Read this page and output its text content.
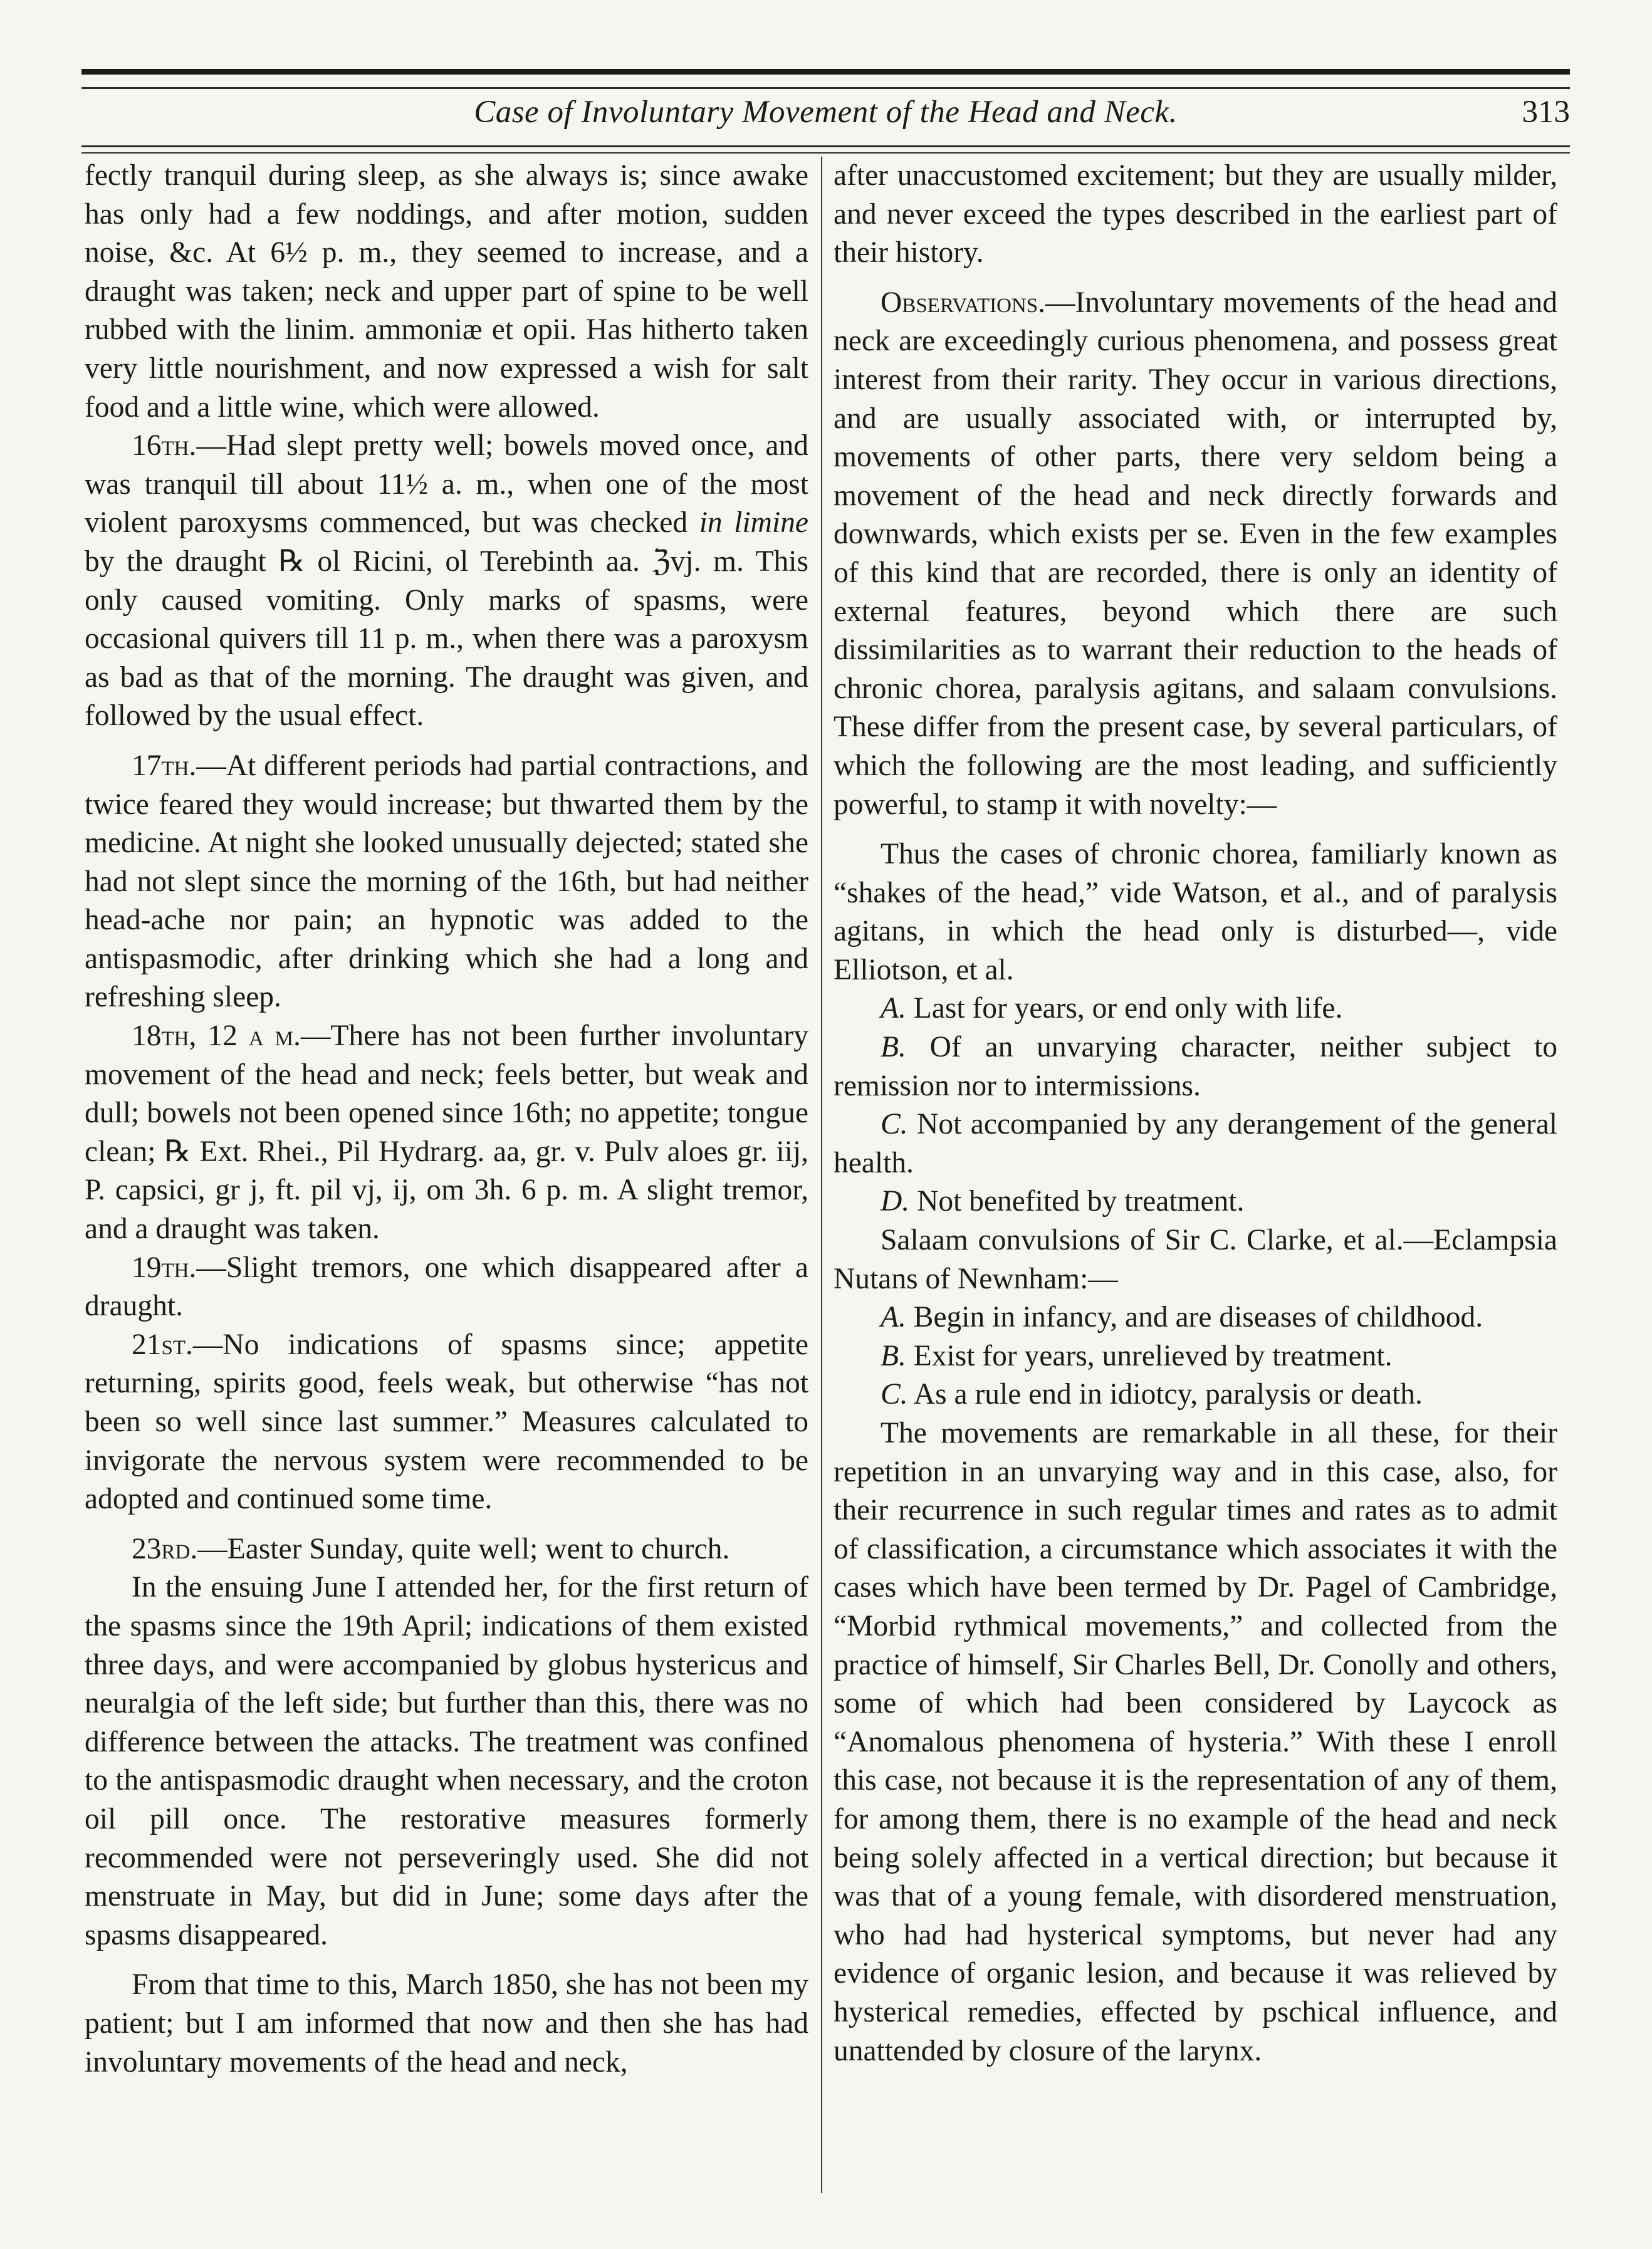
Case of Involuntary Movement of the Head and Neck.	313

fectly tranquil during sleep, as she always is; since awake has only had a few noddings, and after motion, sudden noise, &c. At 6½ p. m., they seemed to increase, and a draught was taken; neck and upper part of spine to be well rubbed with the linim. ammoniæ et opii. Has hitherto taken very little nourishment, and now expressed a wish for salt food and a little wine, which were allowed.

16th.—Had slept pretty well; bowels moved once, and was tranquil till about 11½ a. m., when one of the most violent paroxysms commenced, but was checked in limine by the draught ℞ ol Ricini, ol Terebinth aa. ℨvj. m. This only caused vomiting. Only marks of spasms, were occasional quivers till 11 p. m., when there was a paroxysm as bad as that of the morning. The draught was given, and followed by the usual effect.

17th.—At different periods had partial contractions, and twice feared they would increase; but thwarted them by the medicine. At night she looked unusually dejected; stated she had not slept since the morning of the 16th, but had neither head-ache nor pain; an hypnotic was added to the antispasmodic, after drinking which she had a long and refreshing sleep.

18th, 12 a m.—There has not been further involuntary movement of the head and neck; feels better, but weak and dull; bowels not been opened since 16th; no appetite; tongue clean; ℞ Ext. Rhei., Pil Hydrarg. aa, gr. v. Pulv aloes gr. iij, P. capsici, gr j, ft. pil vj, ij, om 3h. 6 p. m. A slight tremor, and a draught was taken.

19th.—Slight tremors, one which disappeared after a draught.

21st.—No indications of spasms since; appetite returning, spirits good, feels weak, but otherwise “has not been so well since last summer.” Measures calculated to invigorate the nervous system were recommended to be adopted and continued some time.

23rd.—Easter Sunday, quite well; went to church.

In the ensuing June I attended her, for the first return of the spasms since the 19th April; indications of them existed three days, and were accompanied by globus hystericus and neuralgia of the left side; but further than this, there was no difference between the attacks. The treatment was confined to the antispasmodic draught when necessary, and the croton oil pill once. The restorative measures formerly recommended were not perseveringly used. She did not menstruate in May, but did in June; some days after the spasms disappeared.

From that time to this, March 1850, she has not been my patient; but I am informed that now and then she has had involuntary movements of the head and neck,

after unaccustomed excitement; but they are usually milder, and never exceed the types described in the earliest part of their history.

Observations.—Involuntary movements of the head and neck are exceedingly curious phenomena, and possess great interest from their rarity. They occur in various directions, and are usually associated with, or interrupted by, movements of other parts, there very seldom being a movement of the head and neck directly forwards and downwards, which exists per se. Even in the few examples of this kind that are recorded, there is only an identity of external features, beyond which there are such dissimilarities as to warrant their reduction to the heads of chronic chorea, paralysis agitans, and salaam convulsions. These differ from the present case, by several particulars, of which the following are the most leading, and sufficiently powerful, to stamp it with novelty:—

Thus the cases of chronic chorea, familiarly known as “shakes of the head,” vide Watson, et al., and of paralysis agitans, in which the head only is disturbed—, vide Elliotson, et al.

A. Last for years, or end only with life.

B. Of an unvarying character, neither subject to remission nor to intermissions.

C. Not accompanied by any derangement of the general health.

D. Not benefited by treatment.

Salaam convulsions of Sir C. Clarke, et al.—Eclampsia Nutans of Newnham:—

A. Begin in infancy, and are diseases of childhood.

B. Exist for years, unrelieved by treatment.

C. As a rule end in idiotcy, paralysis or death.

The movements are remarkable in all these, for their repetition in an unvarying way and in this case, also, for their recurrence in such regular times and rates as to admit of classification, a circumstance which associates it with the cases which have been termed by Dr. Pagel of Cambridge, “Morbid rythmical movements,” and collected from the practice of himself, Sir Charles Bell, Dr. Conolly and others, some of which had been considered by Laycock as “Anomalous phenomena of hysteria.” With these I enroll this case, not because it is the representation of any of them, for among them, there is no example of the head and neck being solely affected in a vertical direction; but because it was that of a young female, with disordered menstruation, who had had hysterical symptoms, but never had any evidence of organic lesion, and because it was relieved by hysterical remedies, effected by pschical influence, and unattended by closure of the larynx.
